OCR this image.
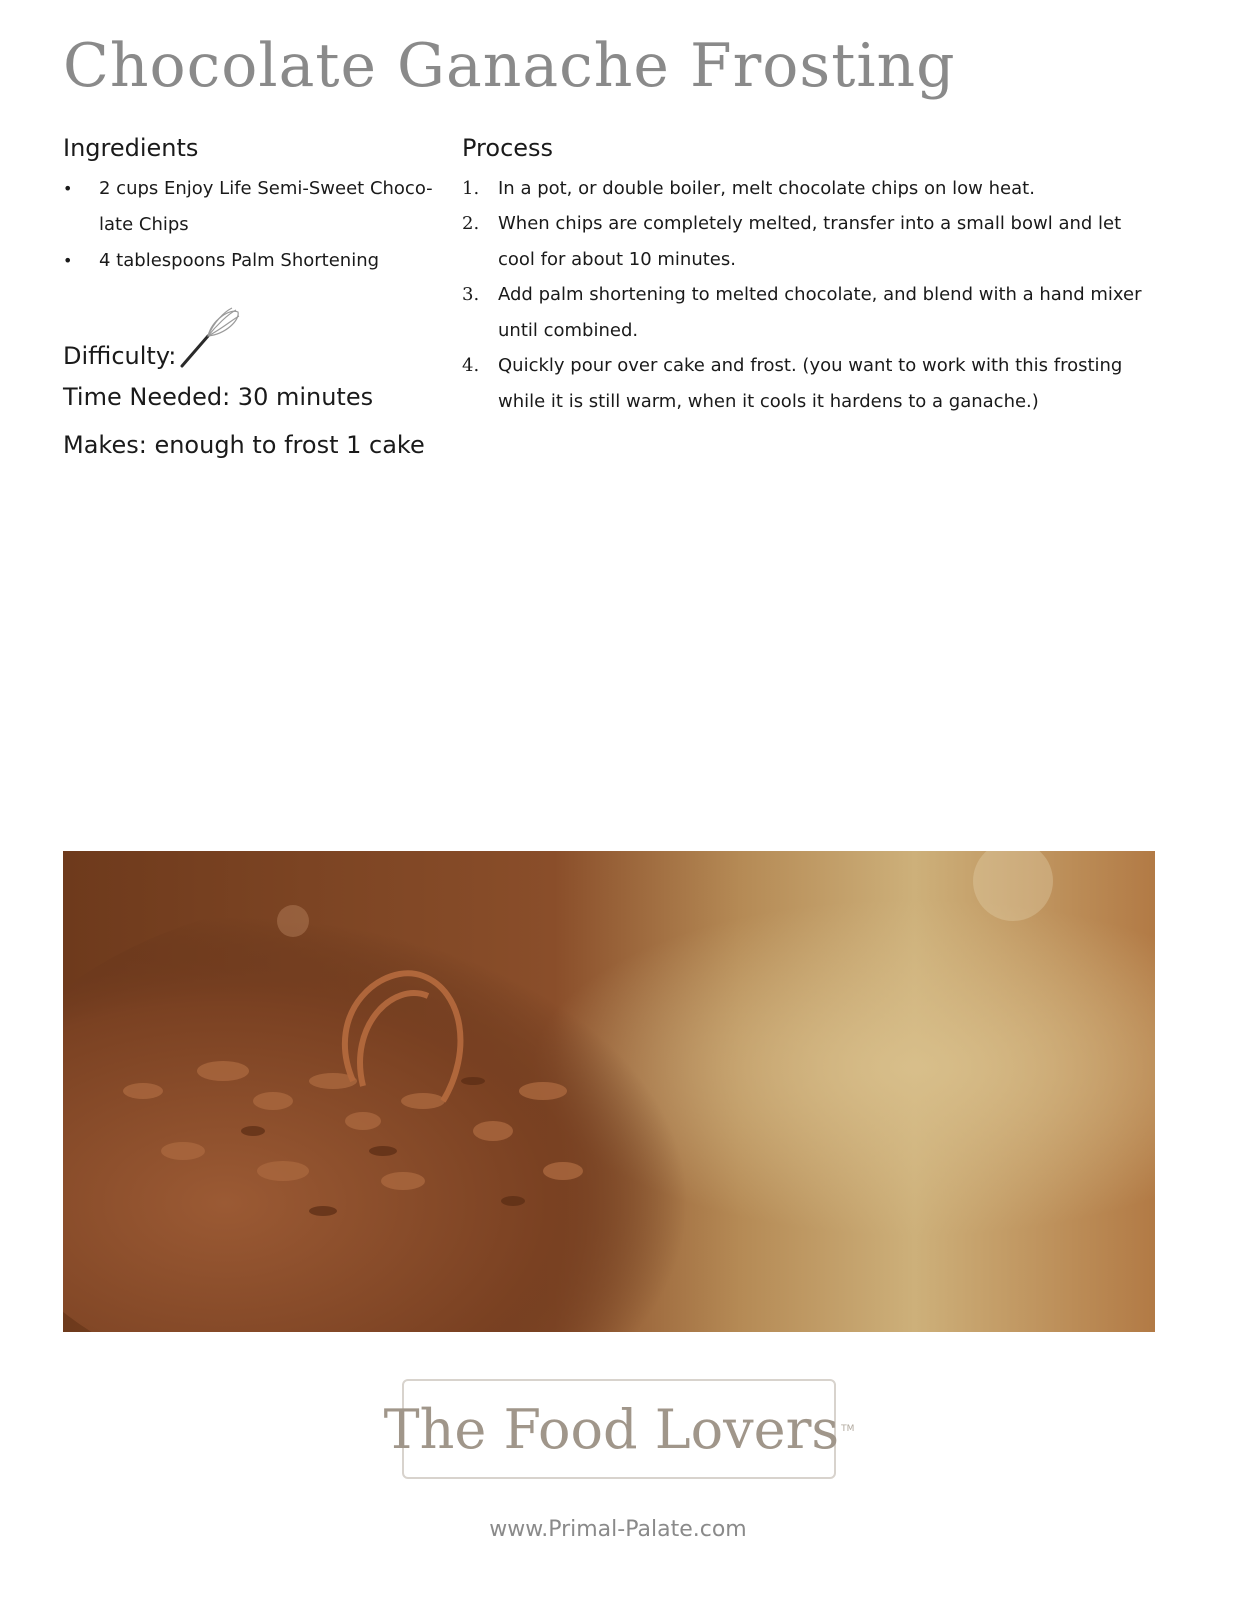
Chocolate Ganache Frosting
Ingredients
• 2 cups Enjoy Life Semi-Sweet Choco-
late Chips
• 4 tablespoons Palm Shortening
Process
1. In a pot, or double boiler, melt chocolate chips on low heat.
2. When chips are completely melted, transfer into a small bowl and let
cool for about 10 minutes.
3. Add palm shortening to melted chocolate, and blend with a hand mixer
until combined.
4. Quickly pour over cake and frost. (you want to work with this frosting
while it is still warm, when it cools it hardens to a ganache.)
Difficulty:
Time Needed: 30 minutes
Makes: enough to frost 1 cake
The Food Lovers TM
www.Primal-Palate.com
